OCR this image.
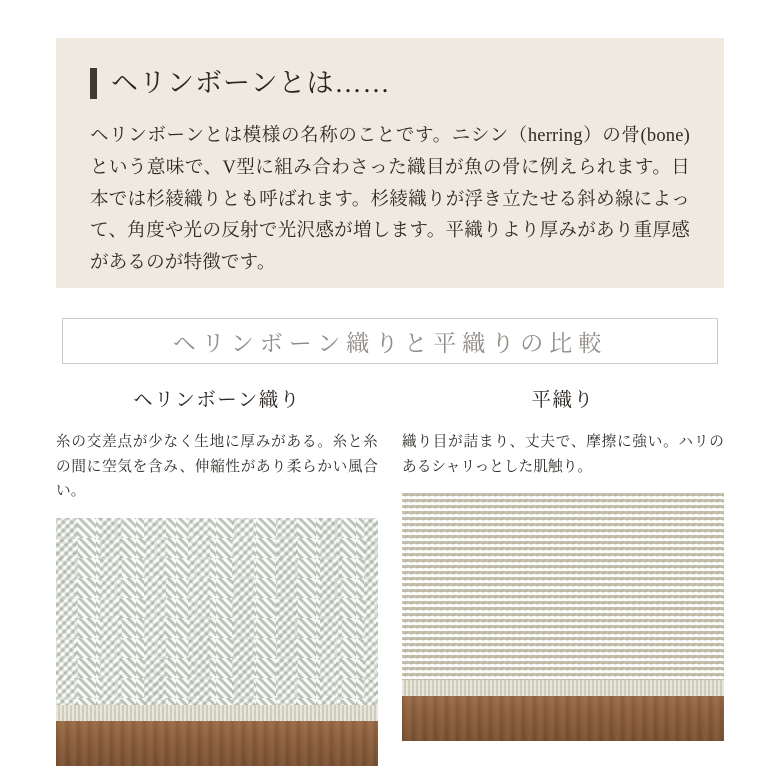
ヘリンボーンとは……

ヘリンボーンとは模様の名称のことです。ニシン（herring）の骨(bone)という意味で、V型に組み合わさった織目が魚の骨に例えられます。日本では杉綾織りとも呼ばれます。杉綾織りが浮き立たせる斜め線によって、角度や光の反射で光沢感が増します。平織りより厚みがあり重厚感があるのが特徴です。

ヘリンボーン織りと平織りの比較
ヘリンボーン織り

糸の交差点が少なく生地に厚みがある。糸と糸の間に空気を含み、伸縮性があり柔らかい風合い。

平織り

織り目が詰まり、丈夫で、摩擦に強い。ハリのあるシャリっとした肌触り。
